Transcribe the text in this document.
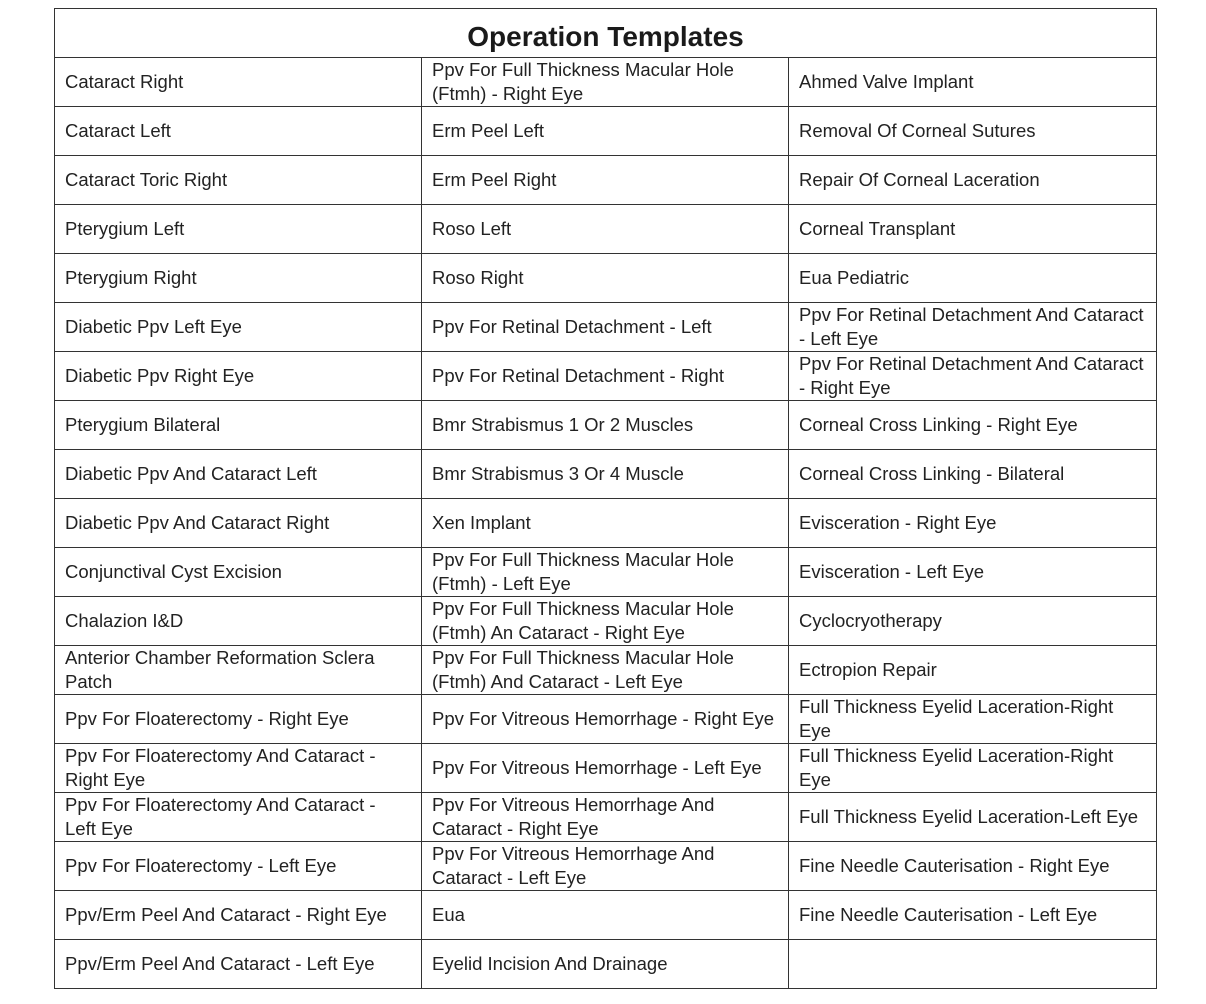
Operation Templates		
Cataract Right	Ppv For Full Thickness Macular Hole (Ftmh) - Right Eye	Ahmed Valve Implant
Cataract Left	Erm Peel Left	Removal Of Corneal Sutures
Cataract Toric Right	Erm Peel Right	Repair Of Corneal Laceration
Pterygium Left	Roso Left	Corneal Transplant
Pterygium Right	Roso Right	Eua Pediatric
Diabetic Ppv Left Eye	Ppv For Retinal Detachment - Left	Ppv For Retinal Detachment And Cataract - Left Eye
Diabetic Ppv Right Eye	Ppv For Retinal Detachment - Right	Ppv For Retinal Detachment And Cataract - Right Eye
Pterygium Bilateral	Bmr Strabismus 1 Or 2 Muscles	Corneal Cross Linking - Right Eye
Diabetic Ppv And Cataract Left	Bmr Strabismus 3 Or 4 Muscle	Corneal Cross Linking - Bilateral
Diabetic Ppv And Cataract Right	Xen Implant	Evisceration - Right Eye
Conjunctival Cyst Excision	Ppv For Full Thickness Macular Hole (Ftmh) - Left Eye	Evisceration - Left Eye
Chalazion I&D	Ppv For Full Thickness Macular Hole (Ftmh) An Cataract - Right Eye	Cyclocryotherapy
Anterior Chamber Reformation Sclera Patch	Ppv For Full Thickness Macular Hole (Ftmh) And Cataract - Left Eye	Ectropion Repair
Ppv For Floaterectomy - Right Eye	Ppv For Vitreous Hemorrhage - Right Eye	Full Thickness Eyelid Laceration-Right Eye
Ppv For Floaterectomy And Cataract - Right Eye	Ppv For Vitreous Hemorrhage - Left Eye	Full Thickness Eyelid Laceration-Right Eye
Ppv For Floaterectomy And Cataract - Left Eye	Ppv For Vitreous Hemorrhage And Cataract - Right Eye	Full Thickness Eyelid Laceration-Left Eye
Ppv For Floaterectomy - Left Eye	Ppv For Vitreous Hemorrhage And Cataract - Left Eye	Fine Needle Cauterisation - Right Eye
Ppv/Erm Peel And Cataract - Right Eye	Eua	Fine Needle Cauterisation - Left Eye
Ppv/Erm Peel And Cataract - Left Eye	Eyelid Incision And Drainage	
